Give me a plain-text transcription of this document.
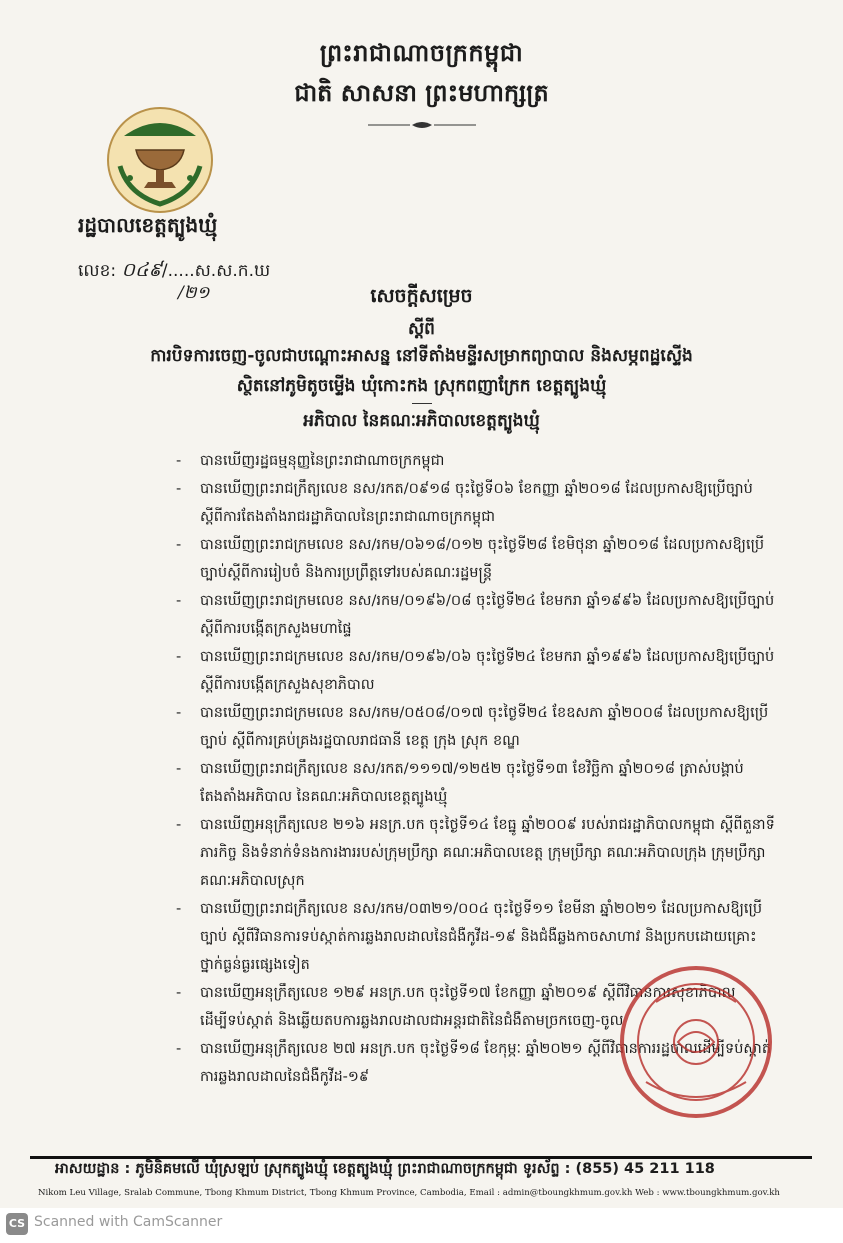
ព្រះរាជាណាចក្រកម្ពុជា
ជាតិ សាសនា ព្រះមហាក្សត្រ
រដ្ឋបាលខេត្តត្បូងឃ្មុំ
លេខ: ០៤៩/.....ស.ស.ក.ឃ
/២១	សេចក្តីសម្រេច
ស្តីពី
ការបិទការចេញ-ចូលជាបណ្តោះអាសន្ន នៅទីតាំងមន្ទីរសម្រាកព្យាបាល និងសម្ភពដ្ឋស្ទើង
ស្ថិតនៅភូមិតូចម្ទើង ឃុំកោះកង ស្រុកពញាក្រែក ខេត្តត្បូងឃ្មុំ
អភិបាល នៃគណៈអភិបាលខេត្តត្បូងឃ្មុំ
- បានឃើញរដ្ឋធម្មនុញ្ញនៃព្រះរាជាណាចក្រកម្ពុជា
- បានឃើញព្រះរាជក្រឹត្យលេខ នស/រកត/០៩១៨ ចុះថ្ងៃទី០៦ ខែកញ្ញា ឆ្នាំ២០១៨ ដែលប្រកាសឱ្យប្រើច្បាប់ ស្តីពីការតែងតាំងរាជរដ្ឋាភិបាលនៃព្រះរាជាណាចក្រកម្ពុជា
- បានឃើញព្រះរាជក្រមលេខ នស/រកម/០៦១៨/០១២ ចុះថ្ងៃទី២៨ ខែមិថុនា ឆ្នាំ២០១៨ ដែលប្រកាសឱ្យប្រើច្បាប់ស្តីពីការរៀបចំ និងការប្រព្រឹត្តទៅរបស់គណៈរដ្ឋមន្ត្រី
- បានឃើញព្រះរាជក្រមលេខ នស/រកម/០១៩៦/០៨ ចុះថ្ងៃទី២៤ ខែមករា ឆ្នាំ១៩៩៦ ដែលប្រកាសឱ្យប្រើច្បាប់ស្តីពីការបង្កើតក្រសួងមហាផ្ទៃ
- បានឃើញព្រះរាជក្រមលេខ នស/រកម/០១៩៦/០៦ ចុះថ្ងៃទី២៤ ខែមករា ឆ្នាំ១៩៩៦ ដែលប្រកាសឱ្យប្រើច្បាប់ស្តីពីការបង្កើតក្រសួងសុខាភិបាល
- បានឃើញព្រះរាជក្រមលេខ នស/រកម/០៥០៨/០១៧ ចុះថ្ងៃទី២៤ ខែឧសភា ឆ្នាំ២០០៨ ដែលប្រកាសឱ្យប្រើច្បាប់ ស្តីពីការគ្រប់គ្រងរដ្ឋបាលរាជធានី ខេត្ត ក្រុង ស្រុក ខណ្ឌ
- បានឃើញព្រះរាជក្រឹត្យលេខ នស/រកត/១១១៧/១២៥២ ចុះថ្ងៃទី១៣ ខែវិច្ឆិកា ឆ្នាំ២០១៨ ត្រាស់បង្គាប់តែងតាំងអភិបាល នៃគណៈអភិបាលខេត្តត្បូងឃ្មុំ
- បានឃើញអនុក្រឹត្យលេខ ២១៦ អនក្រ.បក ចុះថ្ងៃទី១៤ ខែធ្នូ ឆ្នាំ២០០៩ របស់រាជរដ្ឋាភិបាលកម្ពុជា ស្តីពីតួនាទី ភារកិច្ច និងទំនាក់ទំនងការងាររបស់ក្រុមប្រឹក្សា គណៈអភិបាលខេត្ត ក្រុមប្រឹក្សា គណៈអភិបាលក្រុង ក្រុមប្រឹក្សា គណៈអភិបាលស្រុក
- បានឃើញព្រះរាជក្រឹត្យលេខ នស/រកម/០៣២១/០០៤ ចុះថ្ងៃទី១១ ខែមីនា ឆ្នាំ២០២១ ដែលប្រកាសឱ្យប្រើច្បាប់ ស្តីពីវិធានការទប់ស្កាត់ការឆ្លងរាលដាលនៃជំងឺកូវីដ-១៩ និងជំងឺឆ្លងកាចសាហាវ និងប្រកបដោយគ្រោះថ្នាក់ធ្ងន់ធ្ងរផ្សេងទៀត
- បានឃើញអនុក្រឹត្យលេខ ១២៩ អនក្រ.បក ចុះថ្ងៃទី១៧ ខែកញ្ញា ឆ្នាំ២០១៩ ស្តីពីវិធានការសុខាភិបាល ដើម្បីទប់ស្កាត់ និងឆ្លើយតបការឆ្លងរាលដាលជាអន្តរជាតិនៃជំងឺតាមច្រកចេញ-ចូល
- បានឃើញអនុក្រឹត្យលេខ ២៧ អនក្រ.បក ចុះថ្ងៃទី១៨ ខែកុម្ភៈ ឆ្នាំ២០២១ ស្តីពីវិធានការរដ្ឋបាលដើម្បីទប់ស្កាត់ការឆ្លងរាលដាលនៃជំងឺកូវីដ-១៩
អាសយដ្ឋាន : ភូមិនិគមលើ ឃុំស្រឡប់ ស្រុកត្បូងឃ្មុំ ខេត្តត្បូងឃ្មុំ ព្រះរាជាណាចក្រកម្ពុជា ទូរស័ព្ទ : (855) 45 211 118
Nikom Leu Village, Sralab Commune, Tbong Khmum District, Tbong Khmum Province, Cambodia, Email : admin@tboungkhmum.gov.kh Web : www.tboungkhmum.gov.kh
CS Scanned with CamScanner
